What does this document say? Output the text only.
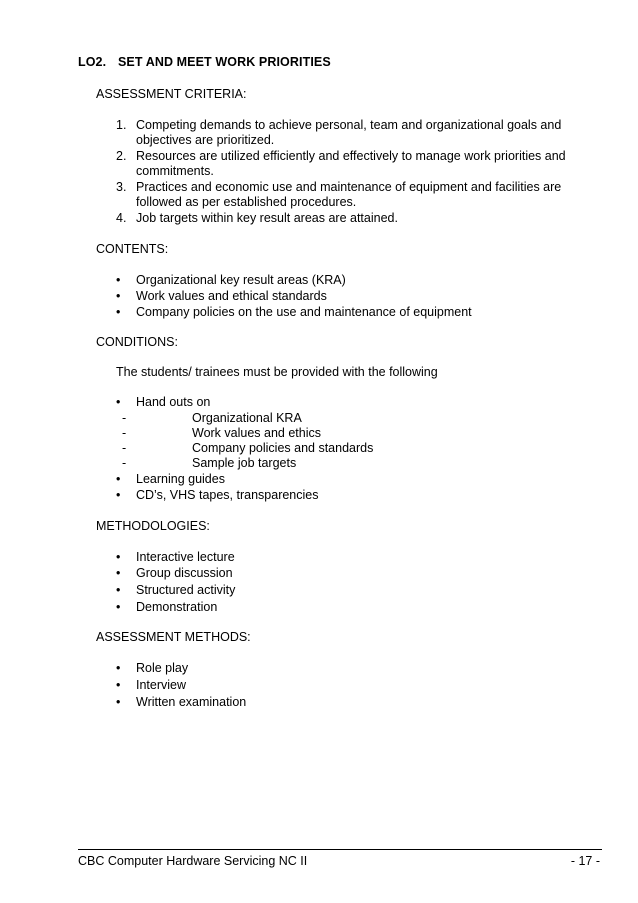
LO2. SET AND MEET WORK PRIORITIES
ASSESSMENT CRITERIA:
1. Competing demands to achieve personal, team and organizational goals and
objectives are prioritized.
2. Resources are utilized efficiently and effectively to manage work priorities and
commitments.
3. Practices and economic use and maintenance of equipment and facilities are
followed as per established procedures.
4. Job targets within key result areas are attained.
CONTENTS:
• Organizational key result areas (KRA)
• Work values and ethical standards
• Company policies on the use and maintenance of equipment
CONDITIONS:
The students/ trainees must be provided with the following
• Hand outs on
-	Organizational KRA
-	Work values and ethics
-	Company policies and standards
-	Sample job targets
• Learning guides
• CD’s, VHS tapes, transparencies
METHODOLOGIES:
• Interactive lecture
• Group discussion
• Structured activity
• Demonstration
ASSESSMENT METHODS:
• Role play
• Interview
• Written examination
CBC Computer Hardware Servicing NC II	- 17 -
